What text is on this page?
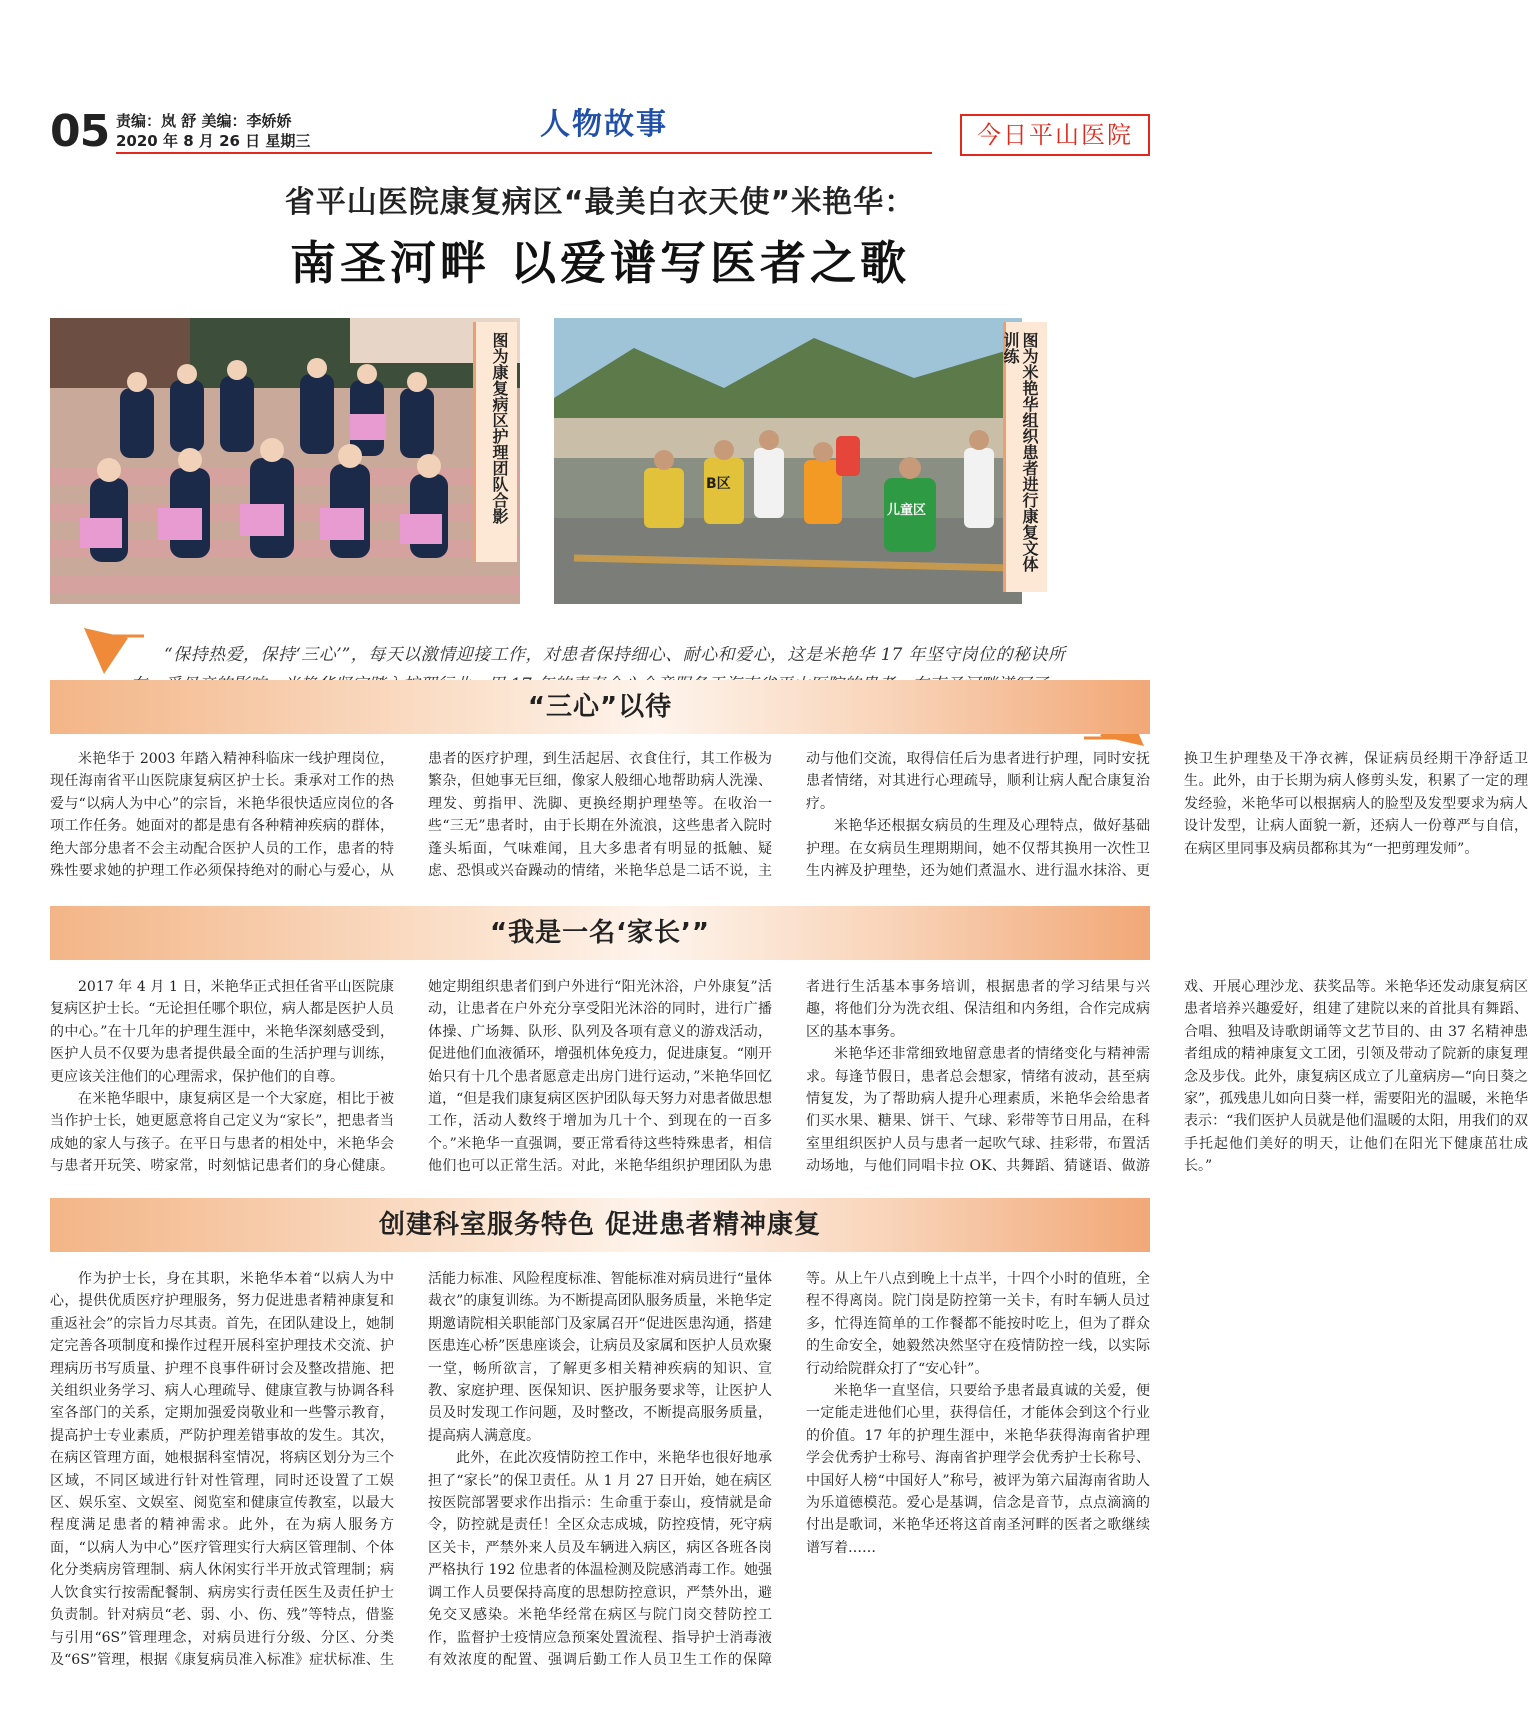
05 责编：岚 舒 美编：李娇娇
2020 年 8 月 26 日 星期三	人物故事	今日平山医院
省平山医院康复病区“最美白衣天使”米艳华：
南圣河畔 以爱谱写医者之歌
图为康复病区护理团队合影	B区
儿童区	图为米艳华组织患者进行康复文体训练

“保持热爱，保持‘三心’”，每天以激情迎接工作，对患者保持细心、耐心和爱心，这是米艳华 17 年坚守岗位的秘诀所

“三心”以待

米艳华于 2003 年踏入精神科临床一线护理岗位，现任海南省平山医院康复病区护士长。秉承对工作的热爱与“以病人为中心”的宗旨，米艳华很快适应岗位的各项工作任务。她面对的都是患有各种精神疾病的群体，绝大部分患者不会主动配合医护人员的工作，患者的特殊性要求她的护理工作必须保持绝对的耐心与爱心，从患者的医疗护理，到生活起居、衣食住行，其工作极为繁杂，但她事无巨细，像家人般细心地帮助病人洗澡、理发、剪指甲、洗脚、更换经期护理垫等。在收治一些“三无”患者时，由于长期在外流浪，这些患者入院时蓬头垢面，气味难闻，且大多患者有明显的抵触、疑虑、恐惧或兴奋躁动的情绪，米艳华总是二话不说，主动与他们交流，取得信任后为患者进行护理，同时安抚患者情绪，对其进行心理疏导，顺利让病人配合康复治疗。

米艳华还根据女病员的生理及心理特点，做好基础护理。在女病员生理期期间，她不仅帮其换用一次性卫生内裤及护理垫，还为她们煮温水、进行温水抹浴、更换卫生护理垫及干净衣裤，保证病员经期干净舒适卫生。此外，由于长期为病人修剪头发，积累了一定的理发经验，米艳华可以根据病人的脸型及发型要求为病人设计发型，让病人面貌一新，还病人一份尊严与自信，在病区里同事及病员都称其为“一把剪理发师”。

“我是一名‘家长’”

2017 年 4 月 1 日，米艳华正式担任省平山医院康复病区护士长。“无论担任哪个职位，病人都是医护人员的中心。”在十几年的护理生涯中，米艳华深刻感受到，医护人员不仅要为患者提供最全面的生活护理与训练，更应该关注他们的心理需求，保护他们的自尊。

在米艳华眼中，康复病区是一个大家庭，相比于被当作护士长，她更愿意将自己定义为“家长”，把患者当成她的家人与孩子。在平日与患者的相处中，米艳华会与患者开玩笑、唠家常，时刻惦记患者们的身心健康。她定期组织患者们到户外进行“阳光沐浴，户外康复”活动，让患者在户外充分享受阳光沐浴的同时，进行广播体操、广场舞、队形、队列及各项有意义的游戏活动，促进他们血液循环，增强机体免疫力，促进康复。“刚开始只有十几个患者愿意走出房门进行运动，”米艳华回忆道，“但是我们康复病区医护团队每天努力对患者做思想工作，活动人数终于增加为几十个、到现在的一百多个。”米艳华一直强调，要正常看待这些特殊患者，相信他们也可以正常生活。对此，米艳华组织护理团队为患者进行生活基本事务培训，根据患者的学习结果与兴趣，将他们分为洗衣组、保洁组和内务组，合作完成病区的基本事务。

米艳华还非常细致地留意患者的情绪变化与精神需求。每逢节假日，患者总会想家，情绪有波动，甚至病情复发，为了帮助病人提升心理素质，米艳华会给患者们买水果、糖果、饼干、气球、彩带等节日用品，在科室里组织医护人员与患者一起吹气球、挂彩带，布置活动场地，与他们同唱卡拉 OK、共舞蹈、猜谜语、做游戏、开展心理沙龙、获奖品等。米艳华还发动康复病区患者培养兴趣爱好，组建了建院以来的首批具有舞蹈、合唱、独唱及诗歌朗诵等文艺节目的、由 37 名精神患者组成的精神康复文工团，引领及带动了院新的康复理念及步伐。此外，康复病区成立了儿童病房—“向日葵之家”，孤残患儿如向日葵一样，需要阳光的温暖，米艳华表示：“我们医护人员就是他们温暖的太阳，用我们的双手托起他们美好的明天，让他们在阳光下健康茁壮成长。”

创建科室服务特色 促进患者精神康复

作为护士长，身在其职，米艳华本着“以病人为中心，提供优质医疗护理服务，努力促进患者精神康复和重返社会”的宗旨力尽其责。首先，在团队建设上，她制定完善各项制度和操作过程开展科室护理技术交流、护理病历书写质量、护理不良事件研讨会及整改措施、把关组织业务学习、病人心理疏导、健康宣教与协调各科室各部门的关系，定期加强爱岗敬业和一些警示教育，提高护士专业素质，严防护理差错事故的发生。其次，在病区管理方面，她根据科室情况，将病区划分为三个区域，不同区域进行针对性管理，同时还设置了工娱区、娱乐室、文娱室、阅览室和健康宣传教室，以最大程度满足患者的精神需求。此外，在为病人服务方面，“以病人为中心”医疗管理实行大病区管理制、个体化分类病房管理制、病人休闲实行半开放式管理制；病人饮食实行按需配餐制、病房实行责任医生及责任护士负责制。针对病员“老、弱、小、伤、残”等特点，借鉴与引用“6S”管理理念，对病员进行分级、分区、分类及“6S”管理，根据《康复病员准入标准》症状标准、生活能力标准、风险程度标准、智能标准对病员进行“量体裁衣”的康复训练。为不断提高团队服务质量，米艳华定期邀请院相关职能部门及家属召开“促进医患沟通，搭建医患连心桥”医患座谈会，让病员及家属和医护人员欢聚一堂，畅所欲言，了解更多相关精神疾病的知识、宣教、家庭护理、医保知识、医护服务要求等，让医护人员及时发现工作问题，及时整改，不断提高服务质量，提高病人满意度。

此外，在此次疫情防控工作中，米艳华也很好地承担了“家长”的保卫责任。从 1 月 27 日开始，她在病区按医院部署要求作出指示：生命重于泰山，疫情就是命令，防控就是责任！全区众志成城，防控疫情，死守病区关卡，严禁外来人员及车辆进入病区，病区各班各岗严格执行 192 位患者的体温检测及院感消毒工作。她强调工作人员要保持高度的思想防控意识，严禁外出，避免交叉感染。米艳华经常在病区与院门岗交替防控工作，监督护士疫情应急预案处置流程、指导护士消毒液有效浓度的配置、强调后勤工作人员卫生工作的保障等。从上午八点到晚上十点半，十四个小时的值班，全程不得离岗。院门岗是防控第一关卡，有时车辆人员过多，忙得连简单的工作餐都不能按时吃上，但为了群众的生命安全，她毅然决然坚守在疫情防控一线，以实际行动给院群众打了“安心针”。

米艳华一直坚信，只要给予患者最真诚的关爱，便一定能走进他们心里，获得信任，才能体会到这个行业的价值。17 年的护理生涯中，米艳华获得海南省护理学会优秀护士称号、海南省护理学会优秀护士长称号、中国好人榜“中国好人”称号，被评为第六届海南省助人为乐道德模范。爱心是基调，信念是音节，点点滴滴的付出是歌词，米艳华还将这首南圣河畔的医者之歌继续谱写着……
